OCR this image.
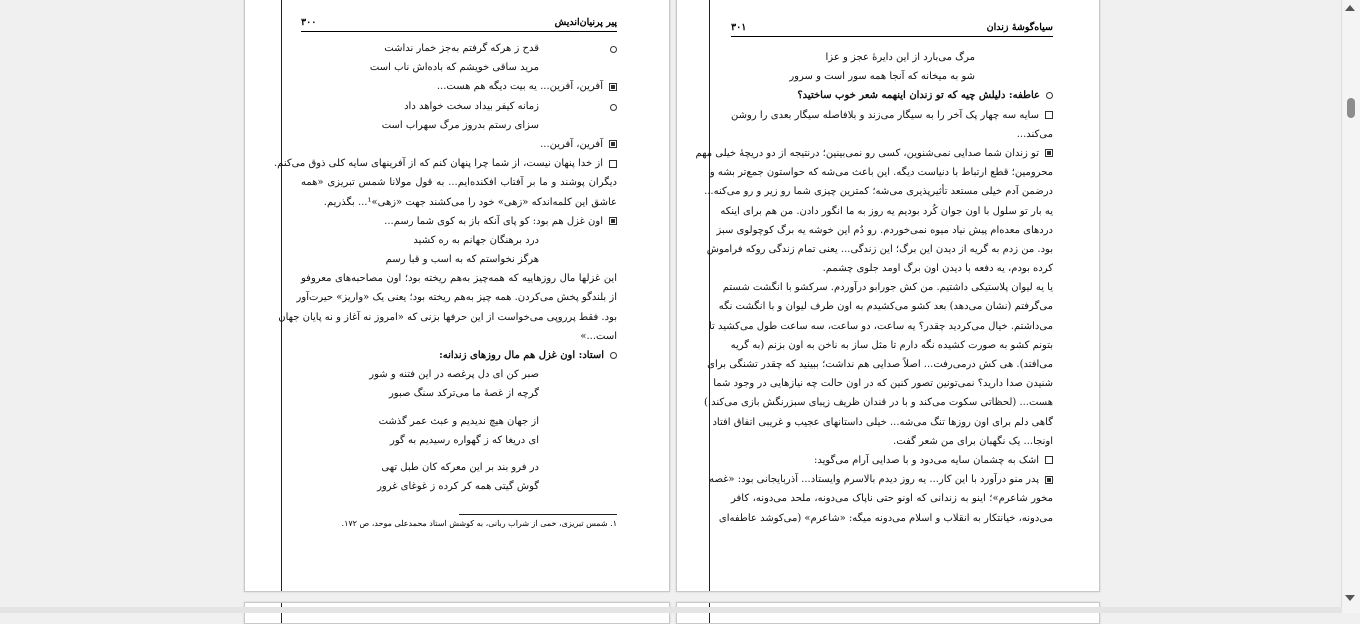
۳۰۰	پیر پرنیان‌اندیش
قدح ز هرکه گرفتم به‌جز خمار نداشت
مرید ساقی خویشم که باده‌اش ناب است
آفرین، آفرین... یه بیت دیگه هم هست...
زمانه کیفر بیداد سخت خواهد داد
سزای رستم بدروز مرگ سهراب است
آفرین، آفرین...
از خدا پنهان نیست، از شما چرا پنهان کنم که از آفرینهای سایه کلی ذوق می‌کنم.
دیگران پوشند و ما بر آفتاب افکنده‌ایم... به قول مولانا شمس تبریزی «همه
عاشق این کلمه‌اندکه «زهی» خود را می‌کشند جهت «زهی»¹... بگذریم.
اون غزل هم بود: کو پای آنکه باز به کوی شما رسم...
درد برهنگان جهانم به ره کشید
هرگز نخواستم که به اسب و قبا رسم
این غزلها مال روزهاییه که همه‌چیز به‌هم ریخته بود؛ اون مصاحبه‌های معروفو
از بلندگو پخش می‌کردن. همه چیز به‌هم ریخته بود؛ یعنی یک «واریز» حیرت‌آور
بود. فقط پرروپی می‌خواست از این حرفها بزنی که «امروز نه آغاز و نه پایان جهان
است...»
استاد: اون غزل هم مال روزهای زندانه:
صبر کن ای دل پرغصه در این فتنه و شور
گرچه از غصهٔ ما می‌ترکد سنگ صبور
از جهان هیچ ندیدیم و عبث عمر گذشت
ای دریغا که ز گهواره رسیدیم به گور
در فرو بند بر این معرکه کان طبل تهی
گوش گیتی همه کر کرده ز غوغای غرور
۱. شمس تبریزی، خمی از شراب ربانی، به کوشش استاد محمدعلی موحد، ص ۱۷۲.
۳۰۱	سیاه‌گوشهٔ زندان
مرگ می‌بارد از این دایرهٔ عجز و عزا
شو به میخانه که آنجا همه سور است و سرور
عاطفه: دلیلش چیه که تو زندان اینهمه شعر خوب ساختید؟
سایه سه چهار پک آخر را به سیگار می‌زند و بلافاصله سیگار بعدی را روشن
می‌کند...
تو زندان شما صدایی نمی‌شنوین، کسی رو نمی‌بینین؛ درنتیجه از دو دریچهٔ خیلی مهم
محرومین؛ قطع ارتباط با دنیاست دیگه. این باعث می‌شه که حواستون جمع‌تر بشه و
درضمن آدم خیلی مستعد تأثیرپذیری می‌شه؛ کمترین چیزی شما رو زیر و رو می‌کنه...
یه بار تو سلول با اون جوان کُرد بودیم یه روز به ما انگور دادن. من هم برای اینکه
دردهای معده‌ام پیش نیاد میوه نمی‌خوردم. رو دُم این خوشه یه برگ کوچولوی سبز
بود. من زدم به گریه از دیدن این برگ؛ این زندگی... یعنی تمام زندگی روکه فراموش
کرده بودم، یه دفعه با دیدن اون برگ اومد جلوی چشمم.
یا یه لیوان پلاستیکی داشتیم. من کش جورابو درآوردم. سرکشو با انگشت شستم
می‌گرفتم (نشان می‌دهد) بعد کشو می‌کشیدم به اون طرف لیوان و با انگشت نگه
می‌داشتم. خیال می‌کردید چقدر؟ یه ساعت، دو ساعت، سه ساعت طول می‌کشید تا
بتونم کشو به صورت کشیده نگه دارم تا مثل ساز به ناخن به اون بزنم (به گریه
می‌افتد). هی کش درمی‌رفت... اصلاً صدایی هم نداشت؛ ببینید که چقدر تشنگی برای
شنیدن صدا دارید؟ نمی‌تونین تصور کنین که در اون حالت چه نیازهایی در وجود شما
هست... (لحظاتی سکوت می‌کند و با در قندان ظریف زیبای سبزرنگش بازی می‌کند.)
گاهی دلم برای اون روزها تنگ می‌شه... خیلی داستانهای عجیب و غریبی اتفاق افتاد
اونجا... یک نگهبان برای من شعر گفت.
اشک به چشمان سایه می‌دود و با صدایی آرام می‌گوید:
پدر منو درآورد با این کار... یه روز دیدم بالاسرم وایستاد... آذربایجانی بود: «غصه
مخور شاعرم»؛ اینو به زندانی که اونو حتی ناپاک می‌دونه، ملحد می‌دونه، کافر
می‌دونه، خیانتکار به انقلاب و اسلام می‌دونه میگه: «شاعرم» (می‌کوشد عاطفه‌ای
